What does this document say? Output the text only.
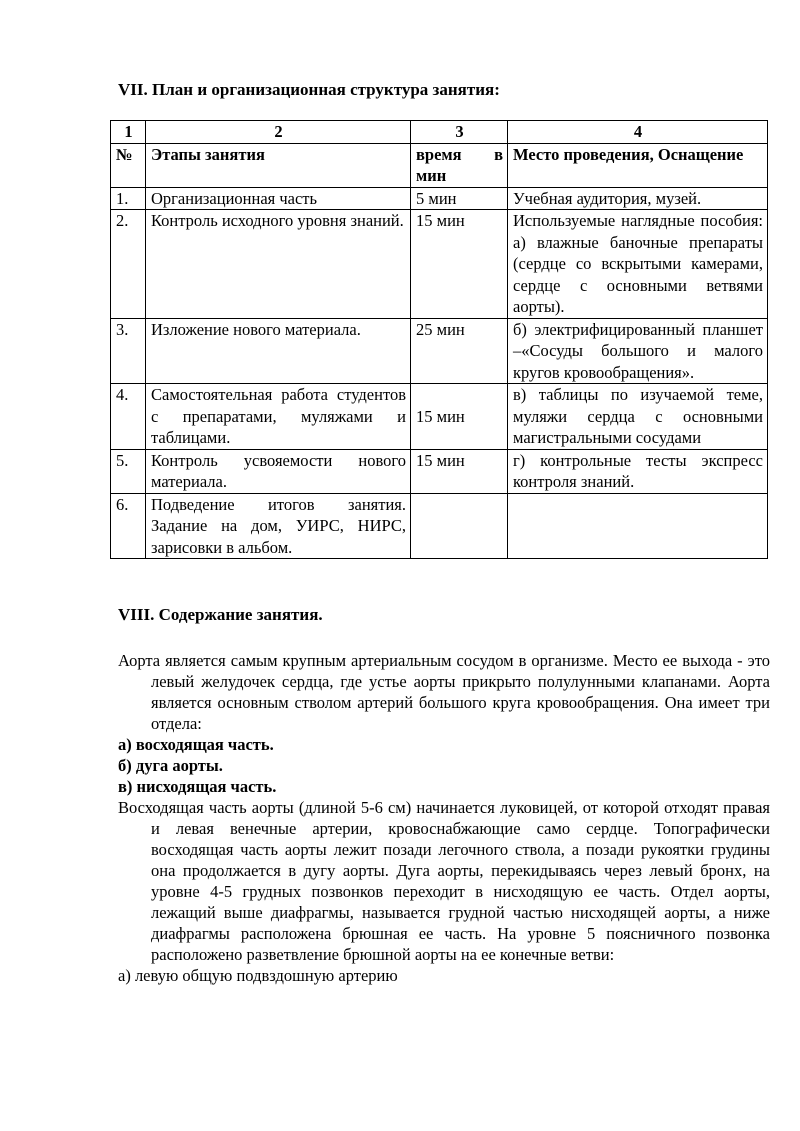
VII. План и организационная структура занятия:
1	2	3	4
№	Этапы занятия	время в мин	Место проведения, Оснащение
1.	Организационная часть	5 мин	Учебная аудитория, музей.
2.	Контроль исходного уровня знаний.	15 мин	Используемые наглядные пособия: а) влажные баночные препараты (сердце со вскрытыми камерами, сердце с основными ветвями аорты).
3.	Изложение нового материала.	25 мин	б) электрифицированный планшет –«Сосуды большого и малого кругов кровообращения».
4.	Самостоятельная работа студентов с препаратами, муляжами и таблицами.	15 мин	в) таблицы по изучаемой теме, муляжи сердца с основными магистральными сосудами
5.	Контроль усвояемости нового материала.	15 мин	г) контрольные тесты экспресс контроля знаний.
6.	Подведение итогов занятия. Задание на дом, УИРС, НИРС, зарисовки в альбом.		
VIII. Содержание занятия.

Аорта является самым крупным артериальным сосудом в организме. Место ее выхода - это левый желудочек сердца, где устье аорты прикрыто полулунными клапанами. Аорта является основным стволом артерий большого круга кровообращения. Она имеет три отдела:

а) восходящая часть.

б) дуга аорты.

в) нисходящая часть.

Восходящая часть аорты (длиной 5-6 см) начинается луковицей, от которой отходят правая и левая венечные артерии, кровоснабжающие само сердце. Топографически восходящая часть аорты лежит позади легочного ствола, а позади рукоятки грудины она продолжается в дугу аорты. Дуга аорты, перекидываясь через левый бронх, на уровне 4-5 грудных позвонков переходит в нисходящую ее часть. Отдел аорты, лежащий выше диафрагмы, называется грудной частью нисходящей аорты, а ниже диафрагмы расположена брюшная ее часть. На уровне 5 поясничного позвонка расположено разветвление брюшной аорты на ее конечные ветви:

а) левую общую подвздошную артерию
